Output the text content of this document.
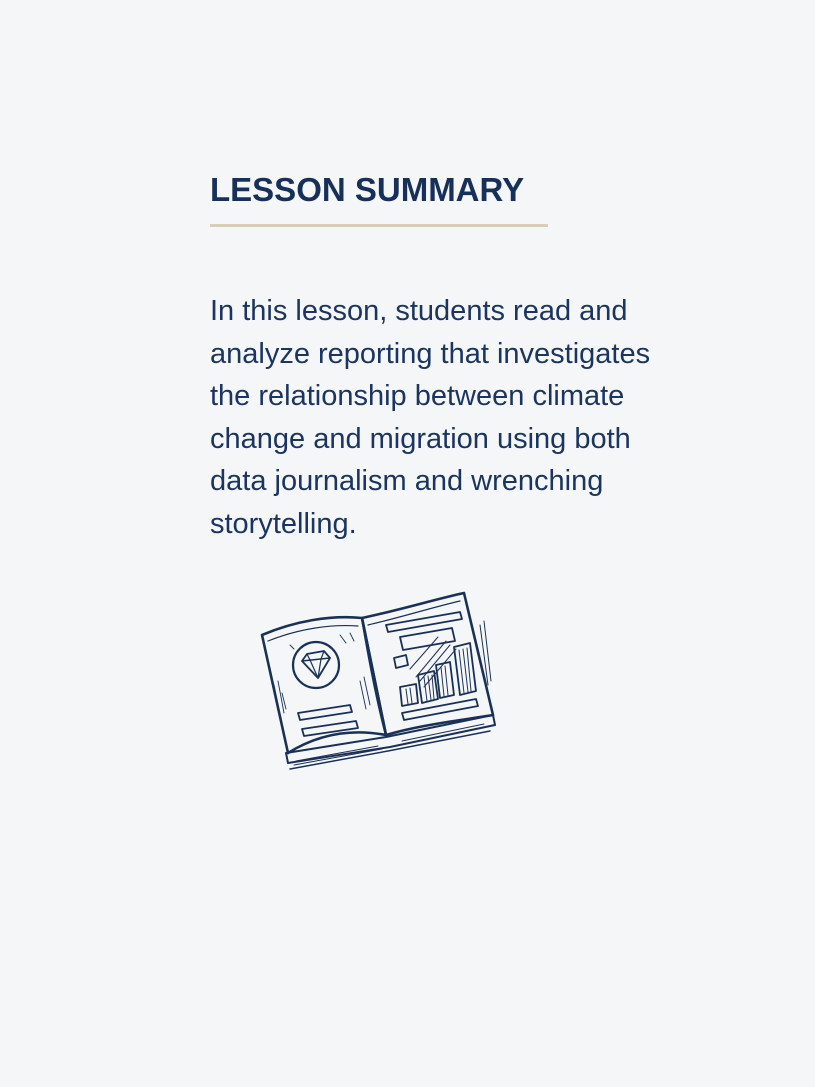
LESSON SUMMARY

In this lesson, students read and analyze reporting that investigates the relationship between climate change and migration using both data journalism and wrenching storytelling.
